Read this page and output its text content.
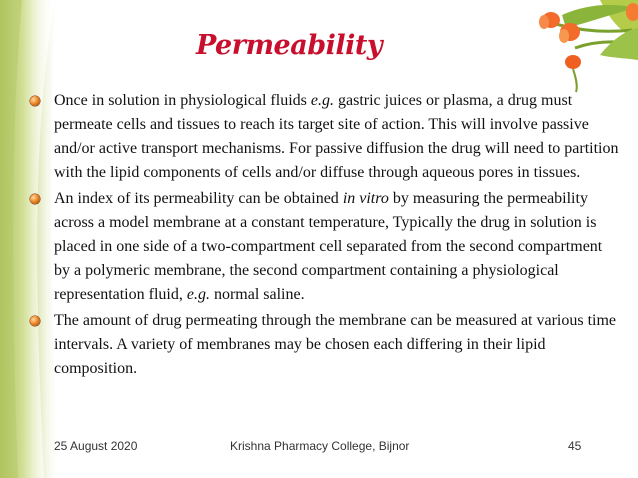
Permeability
Once in solution in physiological fluids e.g. gastric juices or plasma, a drug must permeate cells and tissues to reach its target site of action. This will involve passive and/or active transport mechanisms. For passive diffusion the drug will need to partition with the lipid components of cells and/or diffuse through aqueous pores in tissues.
An index of its permeability can be obtained in vitro by measuring the permeability across a model membrane at a constant temperature, Typically the drug in solution is placed in one side of a two-compartment cell separated from the second compartment by a polymeric membrane, the second compartment containing a physiological representation fluid, e.g. normal saline.
The amount of drug permeating through the membrane can be measured at various time intervals. A variety of membranes may be chosen each differing in their lipid composition.
25 August 2020	Krishna Pharmacy College, Bijnor	45
